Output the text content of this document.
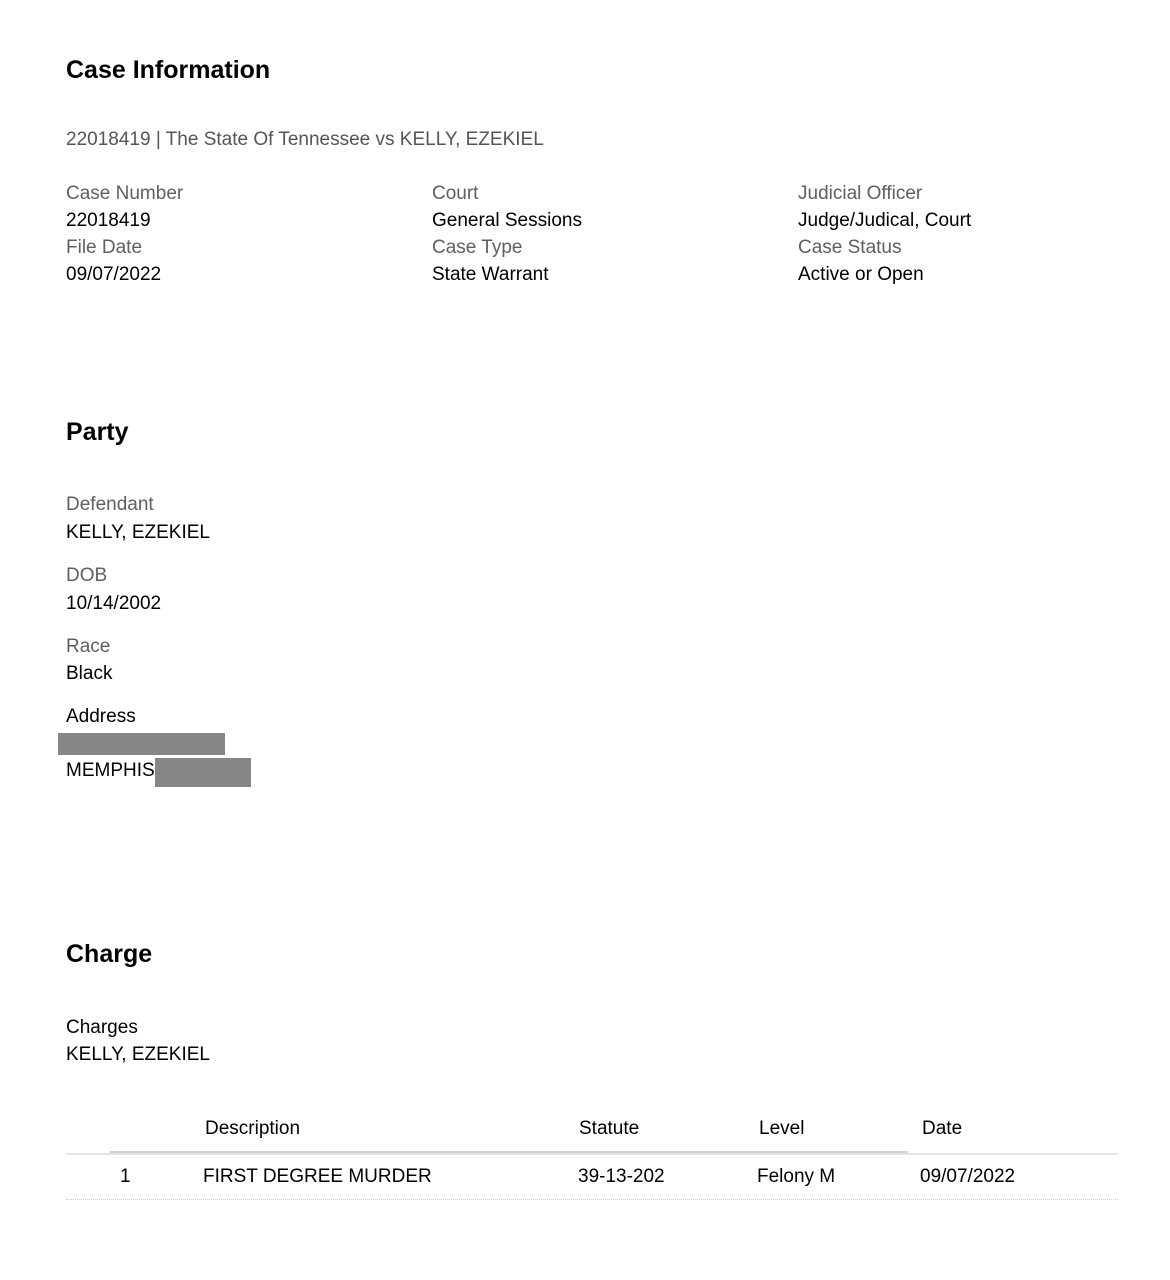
Case Information
22018419 | The State Of Tennessee vs KELLY, EZEKIEL
Case Number
22018419
File Date
09/07/2022
Court
General Sessions
Case Type
State Warrant
Judicial Officer
Judge/Judical, Court
Case Status
Active or Open
Party
Defendant
KELLY, EZEKIEL
DOB
10/14/2002
Race
Black
Address
MEMPHIS
Charge
Charges
KELLY, EZEKIEL
Description	Statute	Level	Date
1	FIRST DEGREE MURDER	39-13-202	Felony M	09/07/2022
